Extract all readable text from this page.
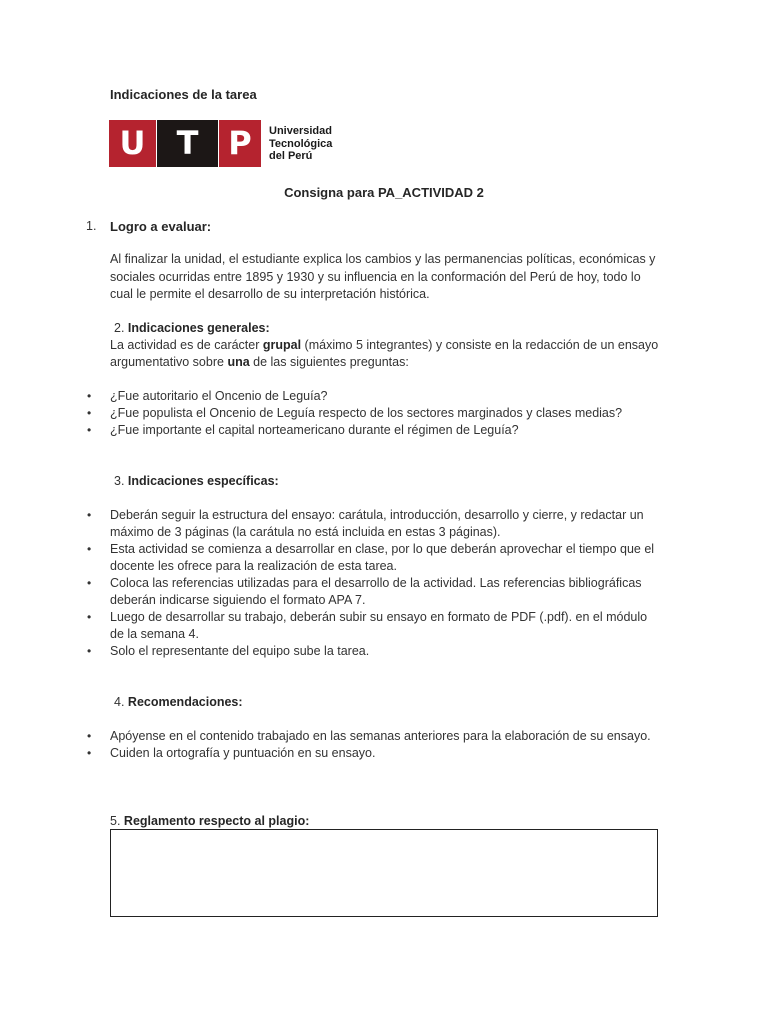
Indicaciones de la tarea
U T P	Universidad
Tecnológica
del Perú
Consigna para PA_ACTIVIDAD 2
1. Logro a evaluar:
Al finalizar la unidad, el estudiante explica los cambios y las permanencias políticas, económicas y sociales ocurridas entre 1895 y 1930 y su influencia en la conformación del Perú de hoy, todo lo cual le permite el desarrollo de su interpretación histórica.
2. Indicaciones generales:
La actividad es de carácter grupal (máximo 5 integrantes) y consiste en la redacción de un ensayo argumentativo sobre una de las siguientes preguntas:
• ¿Fue autoritario el Oncenio de Leguía?
• ¿Fue populista el Oncenio de Leguía respecto de los sectores marginados y clases medias?
• ¿Fue importante el capital norteamericano durante el régimen de Leguía?
3. Indicaciones específicas:
• Deberán seguir la estructura del ensayo: carátula, introducción, desarrollo y cierre, y redactar un máximo de 3 páginas (la carátula no está incluida en estas 3 páginas).
• Esta actividad se comienza a desarrollar en clase, por lo que deberán aprovechar el tiempo que el docente les ofrece para la realización de esta tarea.
• Coloca las referencias utilizadas para el desarrollo de la actividad. Las referencias bibliográficas deberán indicarse siguiendo el formato APA 7.
• Luego de desarrollar su trabajo, deberán subir su ensayo en formato de PDF (.pdf). en el módulo de la semana 4.
• Solo el representante del equipo sube la tarea.
4. Recomendaciones:
• Apóyense en el contenido trabajado en las semanas anteriores para la elaboración de su ensayo.
• Cuiden la ortografía y puntuación en su ensayo.
5. Reglamento respecto al plagio:
